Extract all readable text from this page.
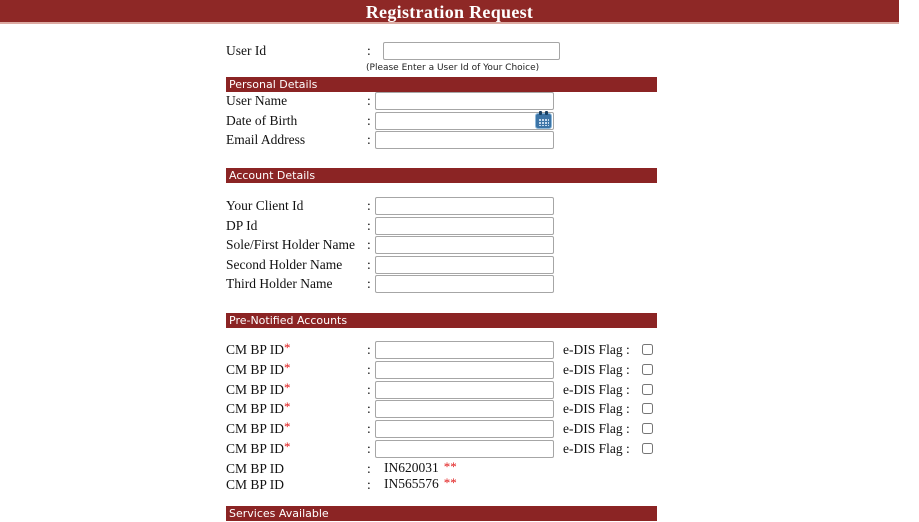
Registration Request
User Id	:
(Please Enter a User Id of Your Choice)
Personal Details
User Name	:
Date of Birth	:
Email Address	:
Account Details
Your Client Id	:
DP Id	:
Sole/First Holder Name :
Second Holder Name	:
Third Holder Name	:
Pre-Notified Accounts
CM BP ID*	:	e-DIS Flag :
CM BP ID*	:	e-DIS Flag :
CM BP ID*	:	e-DIS Flag :
CM BP ID*	:	e-DIS Flag :
CM BP ID*	:	e-DIS Flag :
CM BP ID*	:	e-DIS Flag :
CM BP ID	: IN620031 **
CM BP ID	: IN565576 **
Services Available
